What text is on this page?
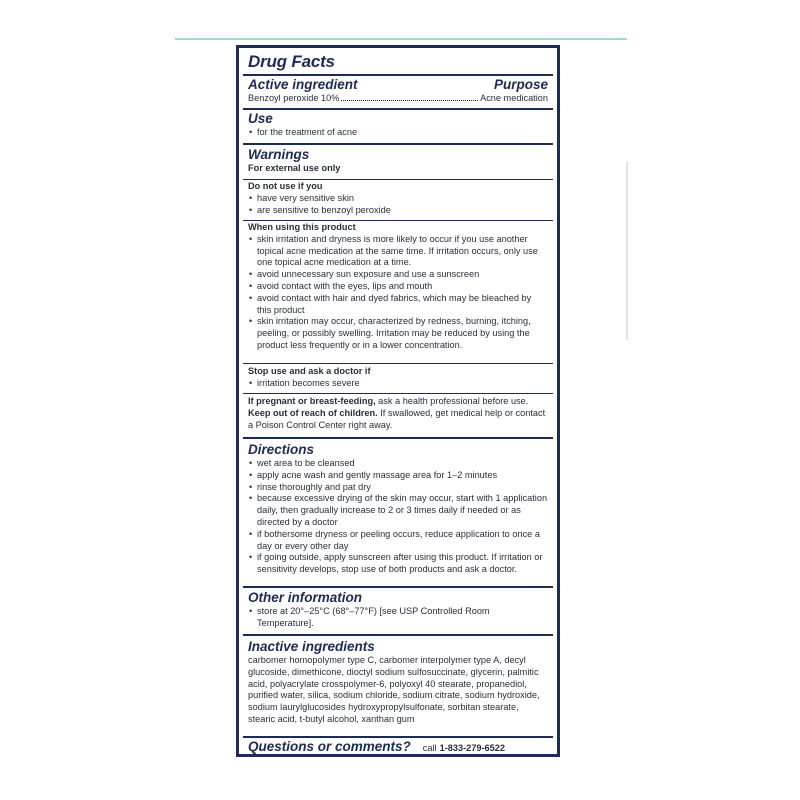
Drug Facts
Active ingredient	Purpose
Benzoyl peroxide 10%	Acne medication
Use
• for the treatment of acne
Warnings
For external use only
Do not use if you
• have very sensitive skin
• are sensitive to benzoyl peroxide
When using this product
• skin irritation and dryness is more likely to occur if you use another topical acne medication at the same time. If irritation occurs, only use one topical acne medication at a time.
• avoid unnecessary sun exposure and use a sunscreen
• avoid contact with the eyes, lips and mouth
• avoid contact with hair and dyed fabrics, which may be bleached by this product
• skin irritation may occur, characterized by redness, burning, itching, peeling, or possibly swelling. Irritation may be reduced by using the product less frequently or in a lower concentration.
Stop use and ask a doctor if
• irritation becomes severe
If pregnant or breast-feeding, ask a health professional before use. Keep out of reach of children. If swallowed, get medical help or contact a Poison Control Center right away.
Directions
• wet area to be cleansed
• apply acne wash and gently massage area for 1–2 minutes
• rinse thoroughly and pat dry
• because excessive drying of the skin may occur, start with 1 application daily, then gradually increase to 2 or 3 times daily if needed or as directed by a doctor
• if bothersome dryness or peeling occurs, reduce application to once a day or every other day
• if going outside, apply sunscreen after using this product. If irritation or sensitivity develops, stop use of both products and ask a doctor.
Other information
• store at 20°–25°C (68°–77°F) [see USP Controlled Room Temperature].
Inactive ingredients
carbomer homopolymer type C, carbomer interpolymer type A, decyl glucoside, dimethicone, dioctyl sodium sulfosuccinate, glycerin, palmitic acid, polyacrylate crosspolymer-6, polyoxyl 40 stearate, propanediol, purified water, silica, sodium chloride, sodium citrate, sodium hydroxide, sodium laurylglucosides hydroxypropylsulfonate, sorbitan stearate, stearic acid, t-butyl alcohol, xanthan gum
Questions or comments? call 1-833-279-6522
